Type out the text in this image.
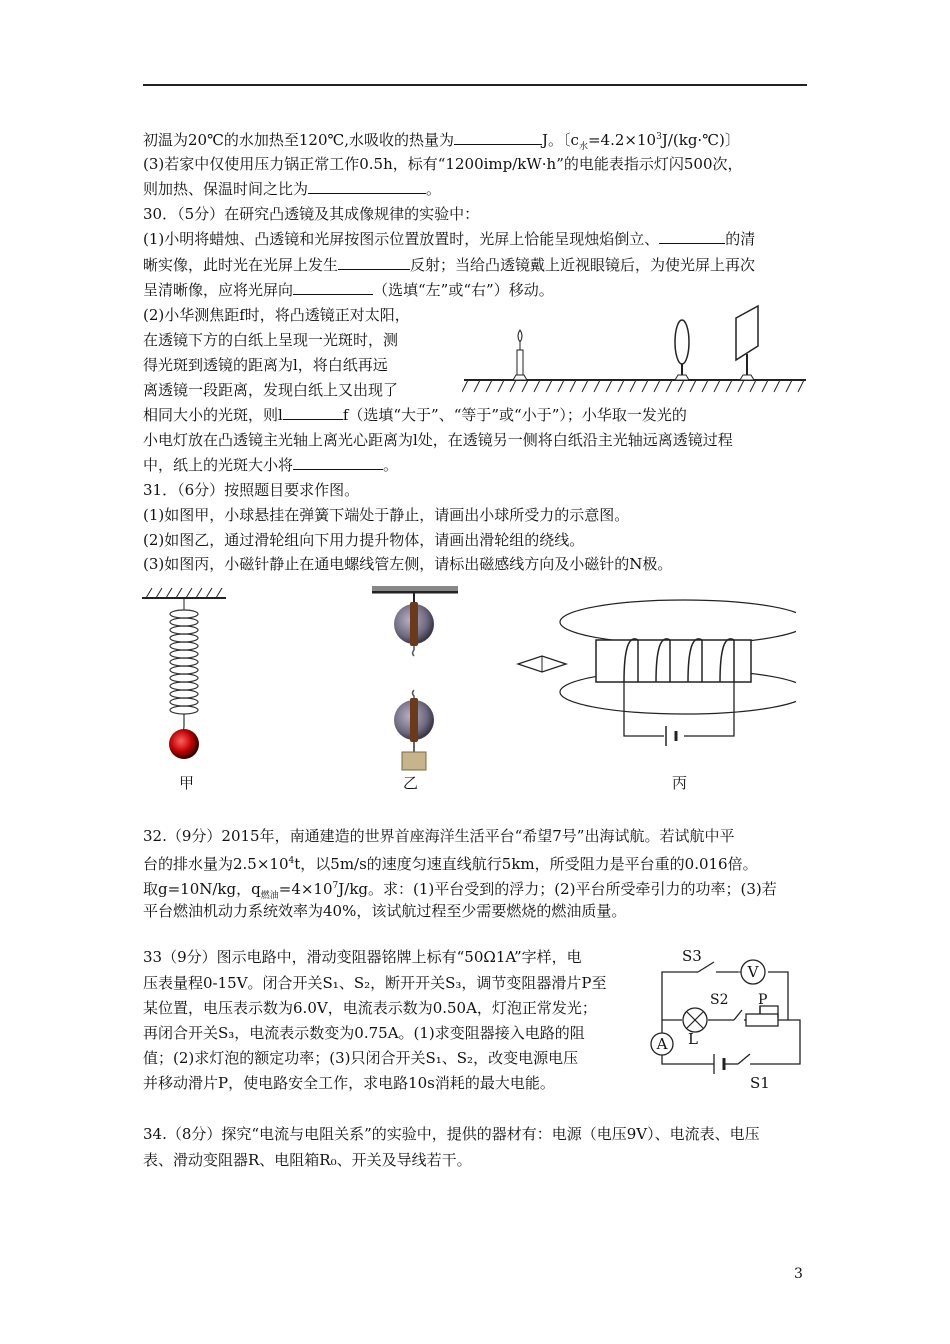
初温为20℃的水加热至120℃,水吸收的热量为	J。〔$c_水=4.2\times 10^3J/(kg\cdot℃)$〕
(3)若家中仅使用压力锅正常工作0.5h，标有“1200imp/kW·h”的电能表指示灯闪500次，
则加热、保温时间之比为	。
30．（5分）在研究凸透镜及其成像规律的实验中：
(1)小明将蜡烛、凸透镜和光屏按图示位置放置时，光屏上恰能呈现烛焰倒立、	的清
晰实像，此时光在光屏上发生	反射；当给凸透镜戴上近视眼镜后，为使光屏上再次
呈清晰像，应将光屏向	（选填“左”或“右”）移动。
(2)小华测焦距f时，将凸透镜正对太阳，
在透镜下方的白纸上呈现一光斑时，测
得光斑到透镜的距离为l，将白纸再远
离透镜一段距离，发现白纸上又出现了
相同大小的光斑，则l	f（选填“大于”、“等于”或“小于”）；小华取一发光的
小电灯放在凸透镜主光轴上离光心距离为l处，在透镜另一侧将白纸沿主光轴远离透镜过程
中，纸上的光斑大小将	。
31．（6分）按照题目要求作图。
(1)如图甲，小球悬挂在弹簧下端处于静止，请画出小球所受力的示意图。
(2)如图乙，通过滑轮组向下用力提升物体，请画出滑轮组的绕线。
(3)如图丙，小磁针静止在通电螺线管左侧，请标出磁感线方向及小磁针的N极。
甲	乙	丙
32.（9分）2015年，南通建造的世界首座海洋生活平台“希望7号”出海试航。若试航中平
台的排水量为$2.5\times 10^4t$，以5m/s的速度匀速直线航行5km，所受阻力是平台重的0.016倍。
取g=10N/kg，$q_{燃油}=4\times 10^7J/kg$。求：(1)平台受到的浮力；(2)平台所受牵引力的功率；(3)若
平台燃油机动力系统效率为40%，该试航过程至少需要燃烧的燃油质量。
33（9分）图示电路中，滑动变阻器铭牌上标有“50Ω1A”字样，电
压表量程0-15V。闭合开关S₁、S₂，断开开关S₃，调节变阻器滑片P至
某位置，电压表示数为6.0V，电流表示数为0.50A，灯泡正常发光；
再闭合开关S₃，电流表示数变为0.75A。(1)求变阻器接入电路的阻
值；(2)求灯泡的额定功率；(3)只闭合开关S₁、S₂，改变电源电压
并移动滑片P，使电路安全工作，求电路10s消耗的最大电能。
V
A
S3
S2 P
L
S1
34.（8分）探究“电流与电阻关系”的实验中，提供的器材有：电源（电压9V）、电流表、电压
表、滑动变阻器R、电阻箱R₀、开关及导线若干。
3
